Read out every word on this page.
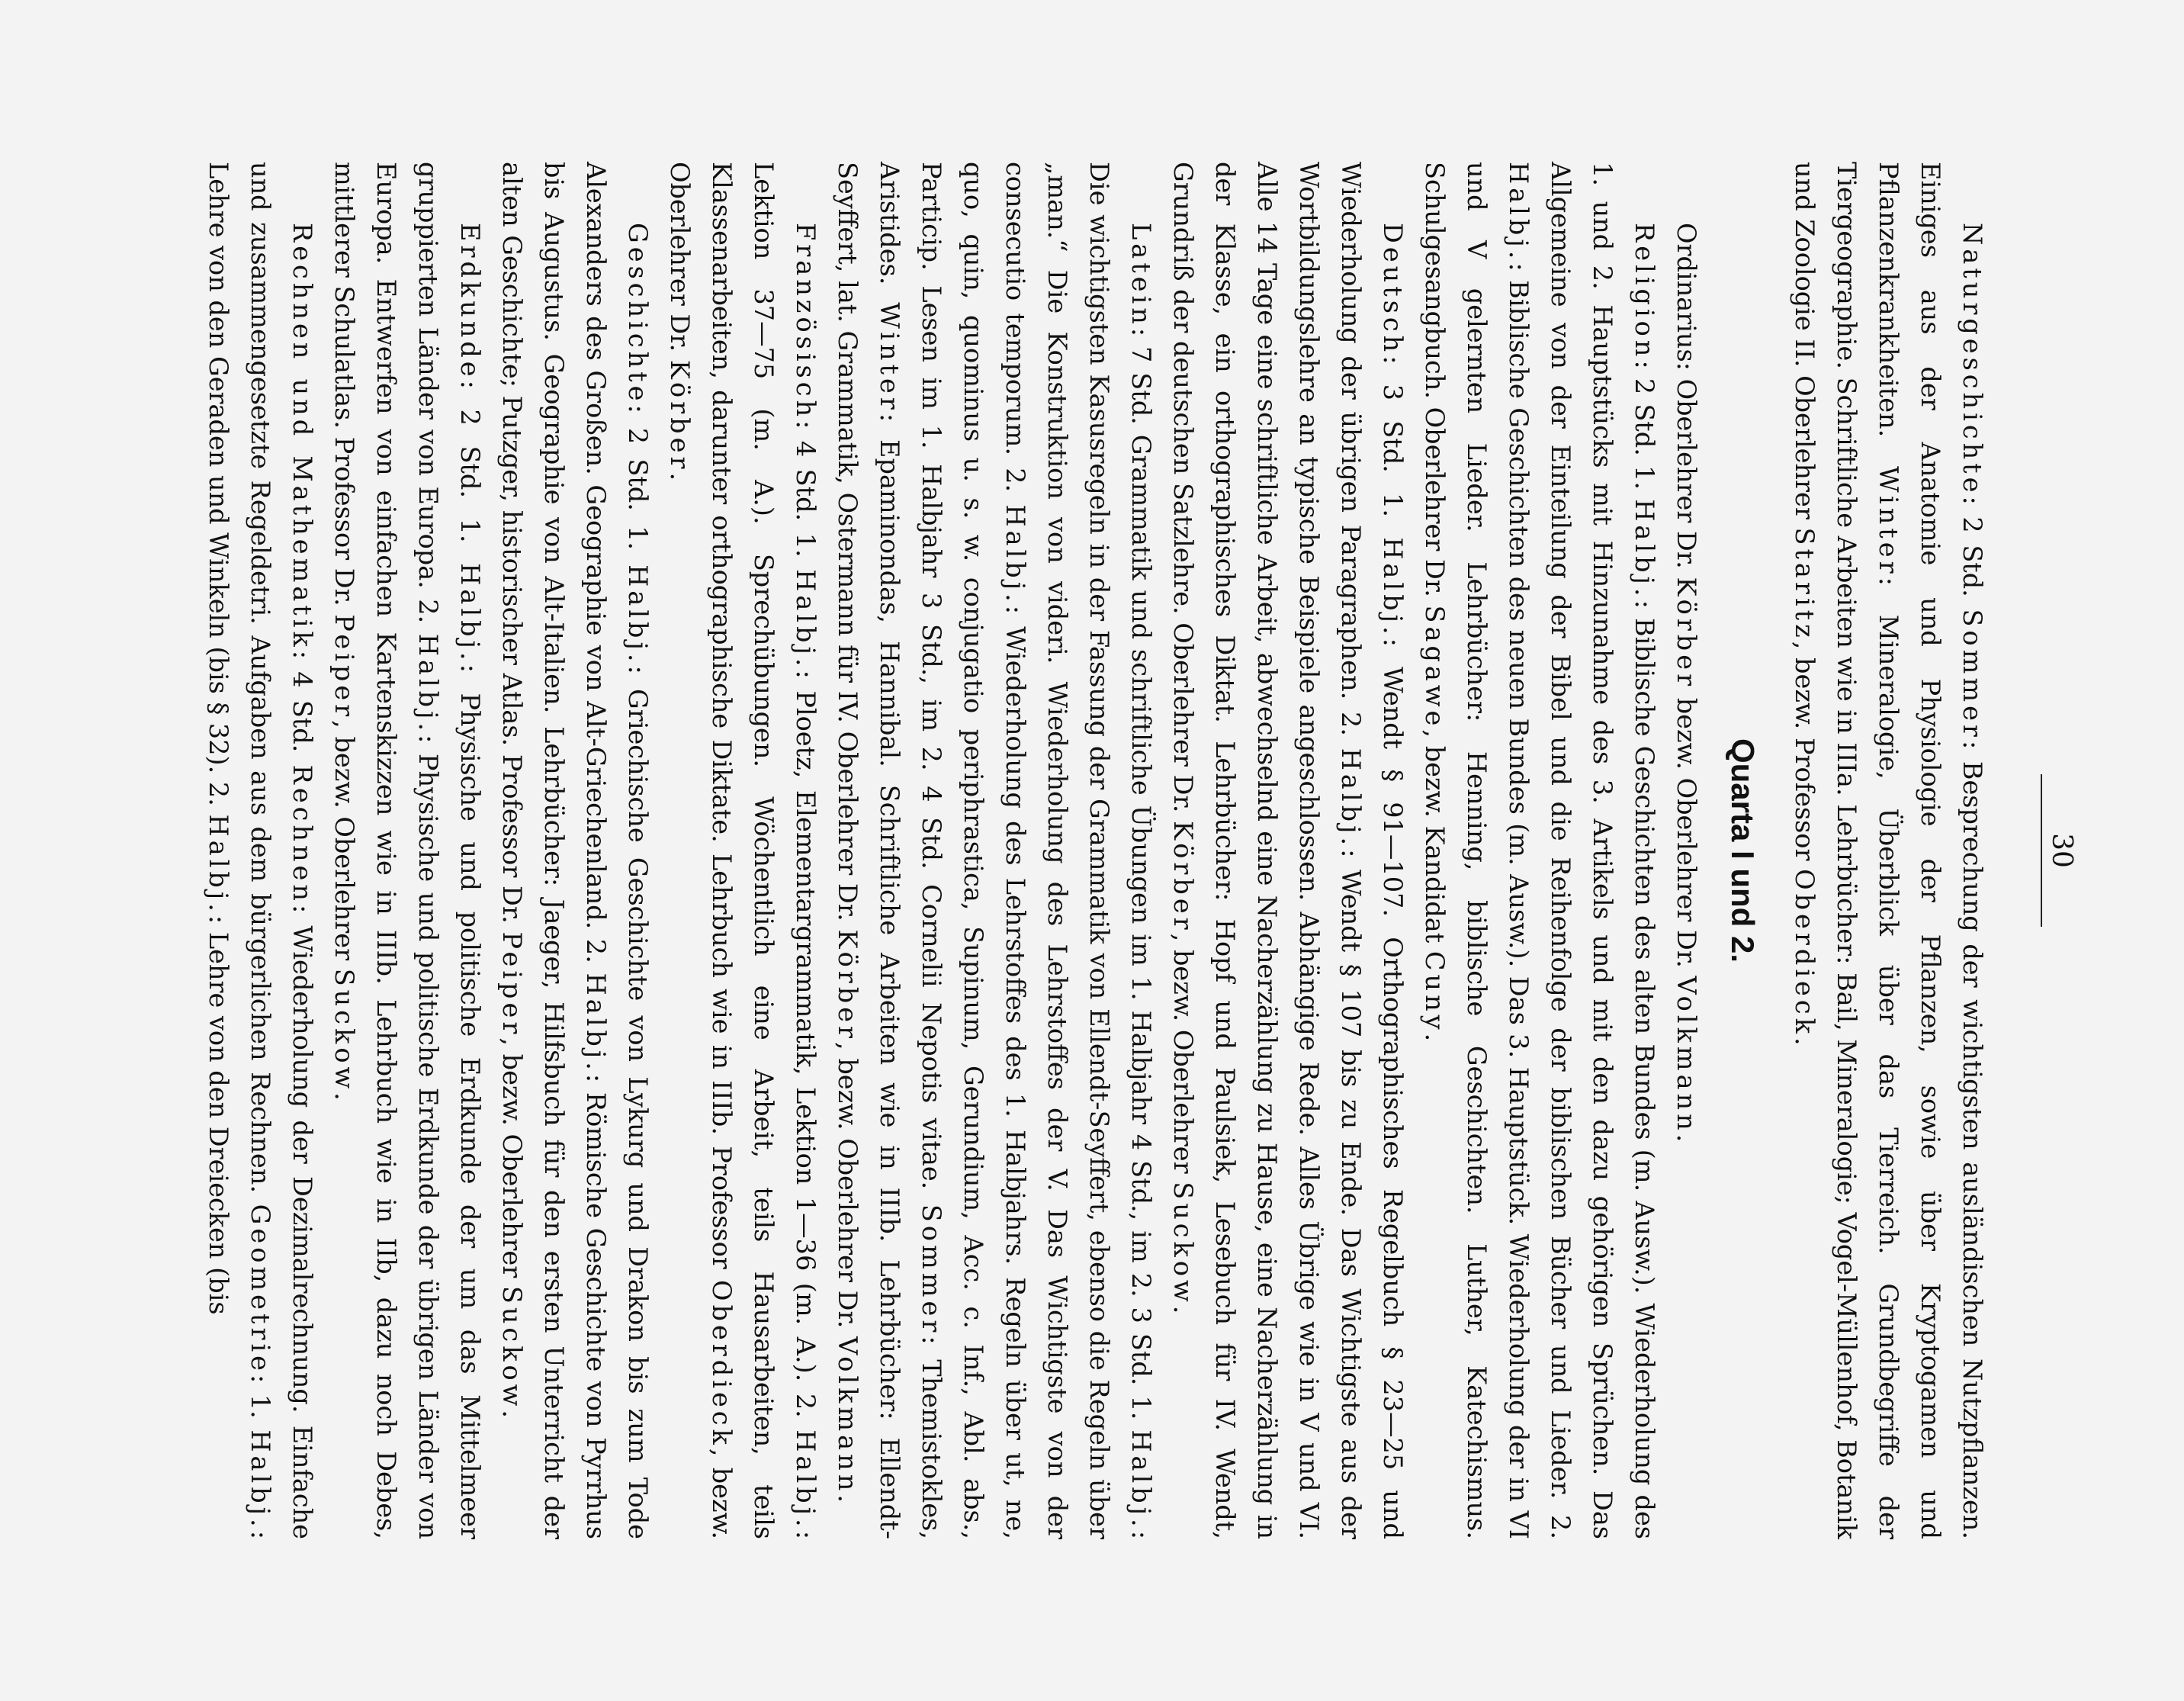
30

Naturgeschichte: 2 Std. Sommer: Besprechung der wichtigsten ausländischen Nutzpflanzen. Einiges aus der Anatomie und Physiologie der Pflanzen, sowie über Kryptogamen und Pflanzenkrankheiten. Winter: Mineralogie, Überblick über das Tierreich. Grundbegriffe der Tiergeographie. Schriftliche Arbeiten wie in IIIa. Lehrbücher: Bail, Mineralogie; Vogel-Müllenhof, Botanik und Zoologie II. Oberlehrer Staritz, bezw. Professor Oberdieck.

Quarta I und 2.

Ordinarius: Oberlehrer Dr. Körber bezw. Oberlehrer Dr. Volkmann.

Religion: 2 Std. 1. Halbj.: Biblische Geschichten des alten Bundes (m. Ausw.). Wiederholung des 1. und 2. Hauptstücks mit Hinzunahme des 3. Artikels und mit den dazu gehörigen Sprüchen. Das Allgemeine von der Einteilung der Bibel und die Reihenfolge der biblischen Bücher und Lieder. 2. Halbj.: Biblische Geschichten des neuen Bundes (m. Ausw.). Das 3. Hauptstück. Wiederholung der in VI und V gelernten Lieder. Lehrbücher: Henning, biblische Geschichten. Luther, Katechismus. Schulgesangbuch. Oberlehrer Dr. Sagawe, bezw. Kandidat Cuny.

Deutsch: 3 Std. 1. Halbj.: Wendt § 91—107. Orthographisches Regelbuch § 23—25 und Wiederholung der übrigen Paragraphen. 2. Halbj.: Wendt § 107 bis zu Ende. Das Wichtigste aus der Wortbildungslehre an typische Beispiele angeschlossen. Abhängige Rede. Alles Übrige wie in V und VI. Alle 14 Tage eine schriftliche Arbeit, abwechselnd eine Nacherzählung zu Hause, eine Nacherzählung in der Klasse, ein orthographisches Diktat. Lehrbücher: Hopf und Paulsiek, Lesebuch für IV. Wendt, Grundriß der deutschen Satzlehre. Oberlehrer Dr. Körber, bezw. Oberlehrer Suckow.

Latein: 7 Std. Grammatik und schriftliche Übungen im 1. Halbjahr 4 Std., im 2. 3 Std. 1. Halbj.: Die wichtigsten Kasusregeln in der Fassung der Grammatik von Ellendt-Seyffert, ebenso die Regeln über „man.“ Die Konstruktion von videri. Wiederholung des Lehrstoffes der V. Das Wichtigste von der consecutio temporum. 2. Halbj.: Wiederholung des Lehrstoffes des 1. Halbjahrs. Regeln über ut, ne, quo, quin, quominus u. s. w. conjugatio periphrastica, Supinum, Gerundium, Acc. c. Inf., Abl. abs., Particip. Lesen im 1. Halbjahr 3 Std., im 2. 4 Std. Cornelii Nepotis vitae. Sommer: Themistokles, Aristides. Winter: Epaminondas, Hannibal. Schriftliche Arbeiten wie in IIIb. Lehrbücher: Ellendt-Seyffert, lat. Grammatik, Ostermann für IV. Oberlehrer Dr. Körber, bezw. Oberlehrer Dr. Volkmann.

Französisch: 4 Std. 1. Halbj.: Ploetz, Elementargrammatik, Lektion 1—36 (m. A.). 2. Halbj.: Lektion 37—75 (m. A.). Sprechübungen. Wöchentlich eine Arbeit, teils Hausarbeiten, teils Klassenarbeiten, darunter orthographische Diktate. Lehrbuch wie in IIIb. Professor Oberdieck, bezw. Oberlehrer Dr. Körber.

Geschichte: 2 Std. 1. Halbj.: Griechische Geschichte von Lykurg und Drakon bis zum Tode Alexanders des Großen. Geographie von Alt-Griechenland. 2. Halbj.: Römische Geschichte von Pyrrhus bis Augustus. Geographie von Alt-Italien. Lehrbücher: Jaeger, Hilfsbuch für den ersten Unterricht der alten Geschichte; Putzger, historischer Atlas. Professor Dr. Peiper, bezw. Oberlehrer Suckow.

Erdkunde: 2 Std. 1. Halbj.: Physische und politische Erdkunde der um das Mittelmeer gruppierten Länder von Europa. 2. Halbj.: Physische und politische Erdkunde der übrigen Länder von Europa. Entwerfen von einfachen Kartenskizzen wie in IIIb. Lehrbuch wie in IIb, dazu noch Debes, mittlerer Schulatlas. Professor Dr. Peiper, bezw. Oberlehrer Suckow.

Rechnen und Mathematik: 4 Std. Rechnen: Wiederholung der Dezimalrechnung. Einfache und zusammengesetzte Regeldetri. Aufgaben aus dem bürgerlichen Rechnen. Geometrie: 1. Halbj.: Lehre von den Geraden und Winkeln (bis § 32). 2. Halbj.: Lehre von den Dreiecken (bis
